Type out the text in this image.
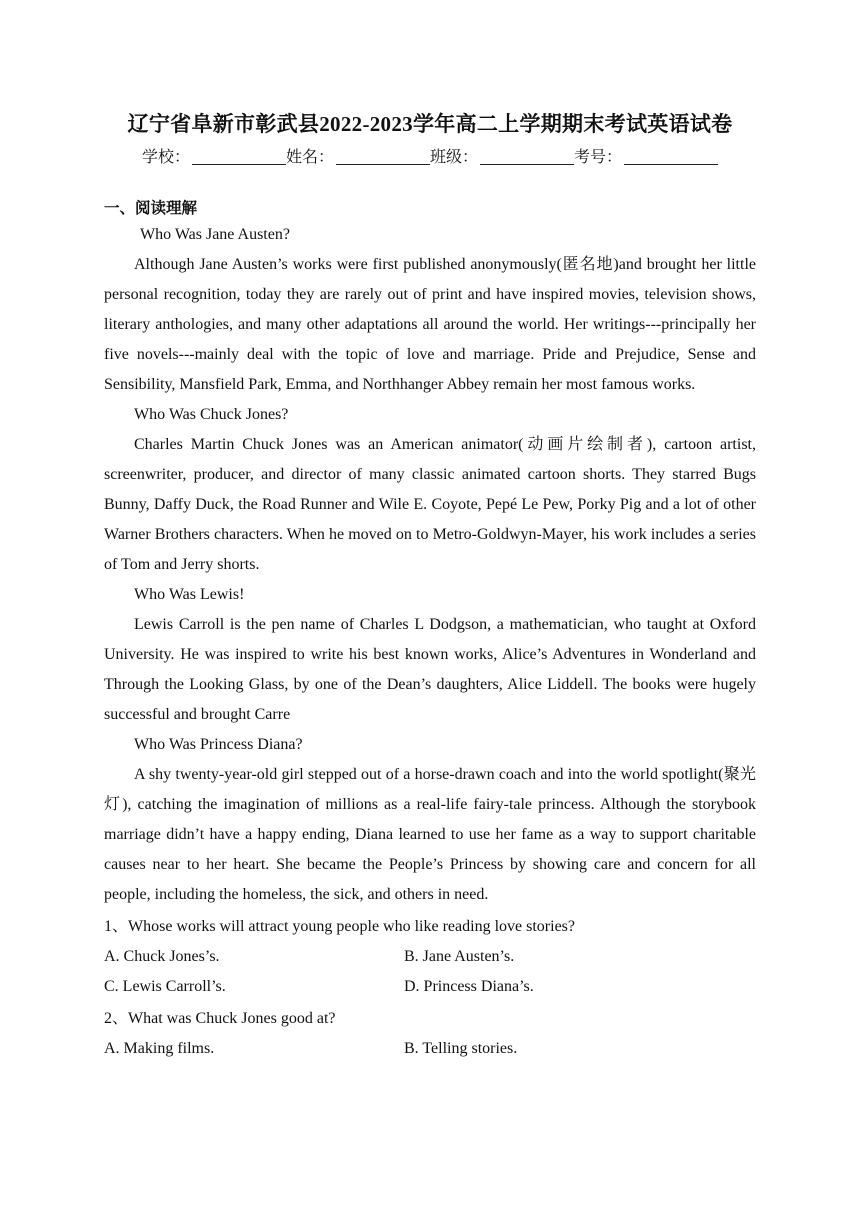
辽宁省阜新市彰武县2022-2023学年高二上学期期末考试英语试卷
学校：	姓名：	班级：	考号：
一、阅读理解

Who Was Jane Austen?

Although Jane Austen’s works were first published anonymously(匿名地)and brought her little personal recognition, today they are rarely out of print and have inspired movies, television shows, literary anthologies, and many other adaptations all around the world. Her writings---principally her five novels---mainly deal with the topic of love and marriage. Pride and Prejudice, Sense and Sensibility, Mansfield Park, Emma, and Northhanger Abbey remain her most famous works.

Who Was Chuck Jones?

Charles Martin Chuck Jones was an American animator(动画片绘制者), cartoon artist, screenwriter, producer, and director of many classic animated cartoon shorts. They starred Bugs Bunny, Daffy Duck, the Road Runner and Wile E. Coyote, Pepé Le Pew, Porky Pig and a lot of other Warner Brothers characters. When he moved on to Metro-Goldwyn-Mayer, his work includes a series of Tom and Jerry shorts.

Who Was Lewis!

Lewis Carroll is the pen name of Charles L Dodgson, a mathematician, who taught at Oxford University. He was inspired to write his best known works, Alice’s Adventures in Wonderland and Through the Looking Glass, by one of the Dean’s daughters, Alice Liddell. The books were hugely successful and brought Carre

Who Was Princess Diana?

A shy twenty-year-old girl stepped out of a horse-drawn coach and into the world spotlight(聚光灯), catching the imagination of millions as a real-life fairy-tale princess. Although the storybook marriage didn’t have a happy ending, Diana learned to use her fame as a way to support charitable causes near to her heart. She became the People’s Princess by showing care and concern for all people, including the homeless, the sick, and others in need.

1、Whose works will attract young people who like reading love stories?

A. Chuck Jones’s.	B. Jane Austen’s.

C. Lewis Carroll’s.	D. Princess Diana’s.

2、What was Chuck Jones good at?

A. Making films.	B. Telling stories.
